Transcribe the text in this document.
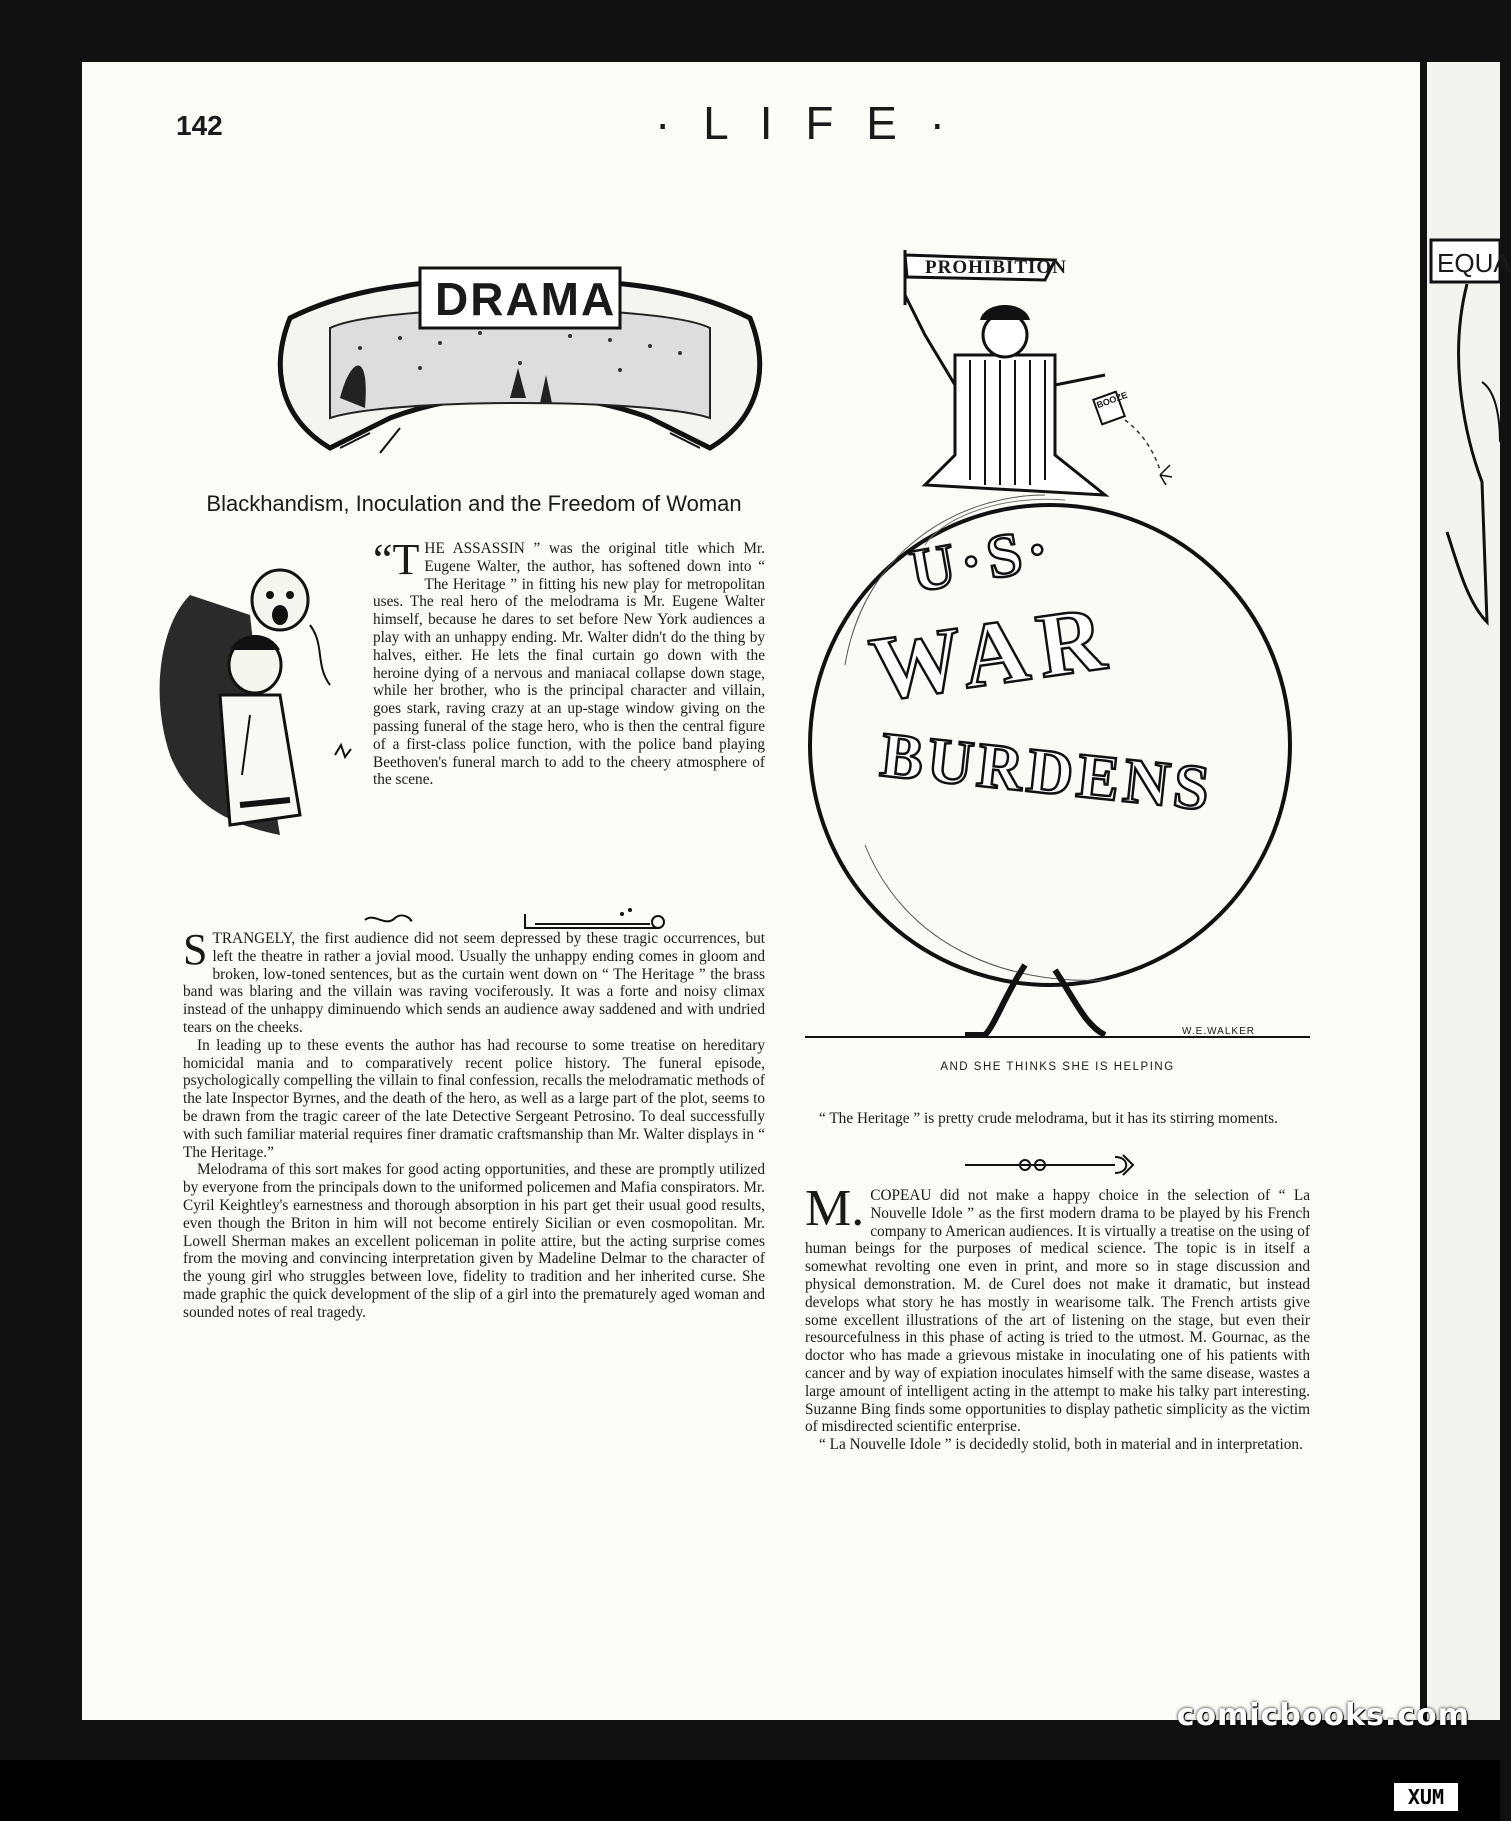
EQUA
142	· L I F E ·
DRAMA
Blackhandism, Inoculation and the Freedom of Woman
“THE ASSASSIN ” was the original title which Mr. Eugene Walter, the author, has softened down into “ The Heritage ” in fitting his new play for metropolitan uses. The real hero of the melodrama is Mr. Eugene Walter himself, because he dares to set before New York audiences a play with an unhappy ending. Mr. Walter didn't do the thing by halves, either. He lets the final curtain go down with the heroine dying of a nervous and maniacal collapse down stage, while her brother, who is the principal character and villain, goes stark, raving crazy at an up-stage window giving on the passing funeral of the stage hero, who is then the central figure of a first-class police function, with the police band playing Beethoven's funeral march to add to the cheery atmosphere of the scene.

STRANGELY, the first audience did not seem depressed by these tragic occurrences, but left the theatre in rather a jovial mood. Usually the unhappy ending comes in gloom and broken, low-toned sentences, but as the curtain went down on “ The Heritage ” the brass band was blaring and the villain was raving vociferously. It was a forte and noisy climax instead of the unhappy diminuendo which sends an audience away saddened and with undried tears on the cheeks.

In leading up to these events the author has had recourse to some treatise on hereditary homicidal mania and to comparatively recent police history. The funeral episode, psychologically compelling the villain to final confession, recalls the melodramatic methods of the late Inspector Byrnes, and the death of the hero, as well as a large part of the plot, seems to be drawn from the tragic career of the late Detective Sergeant Petrosino. To deal successfully with such familiar material requires finer dramatic craftsmanship than Mr. Walter displays in “ The Heritage.”

Melodrama of this sort makes for good acting opportunities, and these are promptly utilized by everyone from the principals down to the uniformed policemen and Mafia conspirators. Mr. Cyril Keightley's earnestness and thorough absorption in his part get their usual good results, even though the Briton in him will not become entirely Sicilian or even cosmopolitan. Mr. Lowell Sherman makes an excellent policeman in polite attire, but the acting surprise comes from the moving and convincing interpretation given by Madeline Delmar to the character of the young girl who struggles between love, fidelity to tradition and her inherited curse. She made graphic the quick development of the slip of a girl into the prematurely aged woman and sounded notes of real tragedy.

PROHIBITION
BOOZE
U·S·
WAR
BURDENS
W.E.WALKER
AND SHE THINKS SHE IS HELPING
“ The Heritage ” is pretty crude melodrama, but it has its stirring moments.

M. COPEAU did not make a happy choice in the selection of “ La Nouvelle Idole ” as the first modern drama to be played by his French company to American audiences. It is virtually a treatise on the using of human beings for the purposes of medical science. The topic is in itself a somewhat revolting one even in print, and more so in stage discussion and physical demonstration. M. de Curel does not make it dramatic, but instead develops what story he has mostly in wearisome talk. The French artists give some excellent illustrations of the art of listening on the stage, but even their resourcefulness in this phase of acting is tried to the utmost. M. Gournac, as the doctor who has made a grievous mistake in inoculating one of his patients with cancer and by way of expiation inoculates himself with the same disease, wastes a large amount of intelligent acting in the attempt to make his talky part interesting. Suzanne Bing finds some opportunities to display pathetic simplicity as the victim of misdirected scientific enterprise.

“ La Nouvelle Idole ” is decidedly stolid, both in material and in interpretation.

comicbooks.com
XUM
